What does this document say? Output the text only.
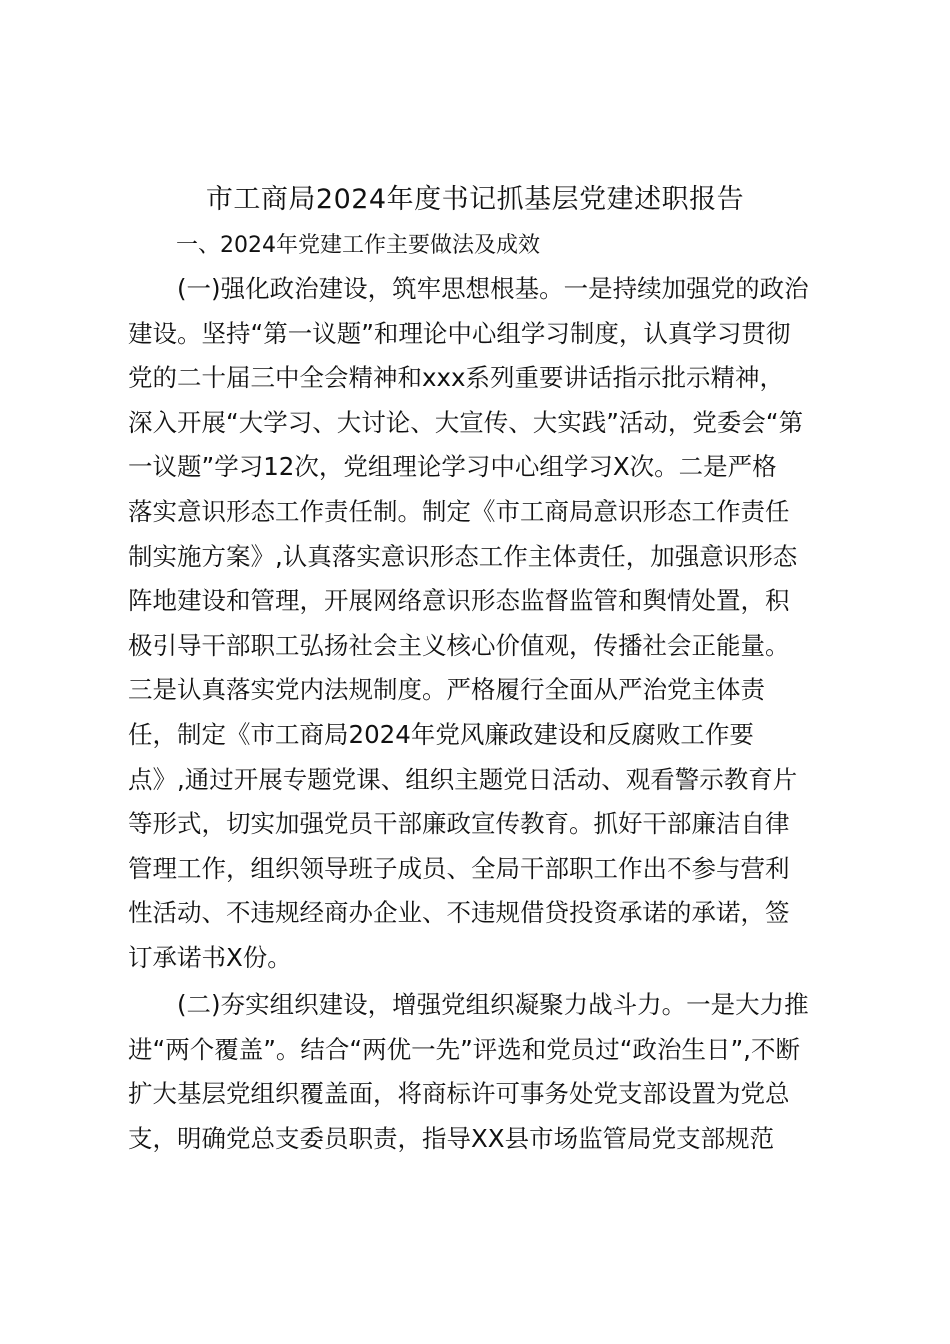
市工商局2024年度书记抓基层党建述职报告
一、2024年党建工作主要做法及成效
　　(一)强化政治建设，筑牢思想根基。一是持续加强党的政治
建设。坚持“第一议题”和理论中心组学习制度，认真学习贯彻
党的二十届三中全会精神和xxx系列重要讲话指示批示精神，
深入开展“大学习、大讨论、大宣传、大实践”活动，党委会“第
一议题”学习12次，党组理论学习中心组学习X次。二是严格
落实意识形态工作责任制。制定《市工商局意识形态工作责任
制实施方案》,认真落实意识形态工作主体责任，加强意识形态
阵地建设和管理，开展网络意识形态监督监管和舆情处置，积
极引导干部职工弘扬社会主义核心价值观，传播社会正能量。
三是认真落实党内法规制度。严格履行全面从严治党主体责
任，制定《市工商局2024年党风廉政建设和反腐败工作要
点》,通过开展专题党课、组织主题党日活动、观看警示教育片
等形式，切实加强党员干部廉政宣传教育。抓好干部廉洁自律
管理工作，组织领导班子成员、全局干部职工作出不参与营利
性活动、不违规经商办企业、不违规借贷投资承诺的承诺，签
订承诺书X份。
　　(二)夯实组织建设，增强党组织凝聚力战斗力。一是大力推
进“两个覆盖”。结合“两优一先”评选和党员过“政治生日”,不断
扩大基层党组织覆盖面，将商标许可事务处党支部设置为党总
支，明确党总支委员职责，指导XX县市场监管局党支部规范
